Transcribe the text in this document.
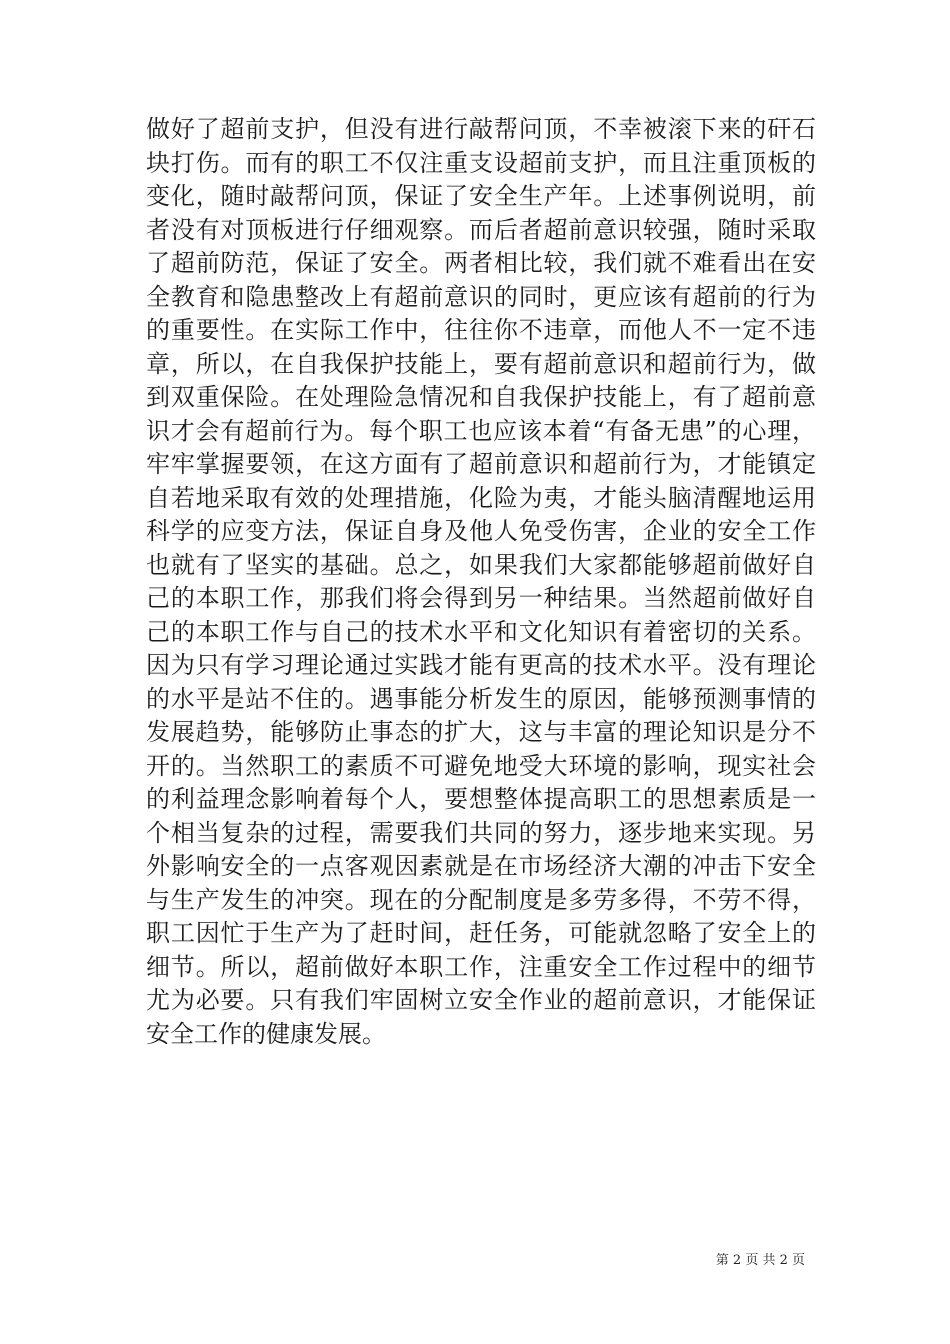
做好了超前支护，但没有进行敲帮问顶，不幸被滚下来的矸石块打伤。而有的职工不仅注重支设超前支护，而且注重顶板的变化，随时敲帮问顶，保证了安全生产年。上述事例说明，前者没有对顶板进行仔细观察。而后者超前意识较强，随时采取了超前防范，保证了安全。两者相比较，我们就不难看出在安全教育和隐患整改上有超前意识的同时，更应该有超前的行为的重要性。在实际工作中，往往你不违章，而他人不一定不违章，所以，在自我保护技能上，要有超前意识和超前行为，做到双重保险。在处理险急情况和自我保护技能上，有了超前意识才会有超前行为。每个职工也应该本着“有备无患”的心理，牢牢掌握要领，在这方面有了超前意识和超前行为，才能镇定自若地采取有效的处理措施，化险为夷，才能头脑清醒地运用科学的应变方法，保证自身及他人免受伤害，企业的安全工作也就有了坚实的基础。总之，如果我们大家都能够超前做好自己的本职工作，那我们将会得到另一种结果。当然超前做好自己的本职工作与自己的技术水平和文化知识有着密切的关系。因为只有学习理论通过实践才能有更高的技术水平。没有理论的水平是站不住的。遇事能分析发生的原因，能够预测事情的发展趋势，能够防止事态的扩大，这与丰富的理论知识是分不开的。当然职工的素质不可避免地受大环境的影响，现实社会的利益理念影响着每个人，要想整体提高职工的思想素质是一个相当复杂的过程，需要我们共同的努力，逐步地来实现。另外影响安全的一点客观因素就是在市场经济大潮的冲击下安全与生产发生的冲突。现在的分配制度是多劳多得，不劳不得，职工因忙于生产为了赶时间，赶任务，可能就忽略了安全上的细节。所以，超前做好本职工作，注重安全工作过程中的细节尤为必要。只有我们牢固树立安全作业的超前意识，才能保证安全工作的健康发展。

第 2 页 共 2 页
